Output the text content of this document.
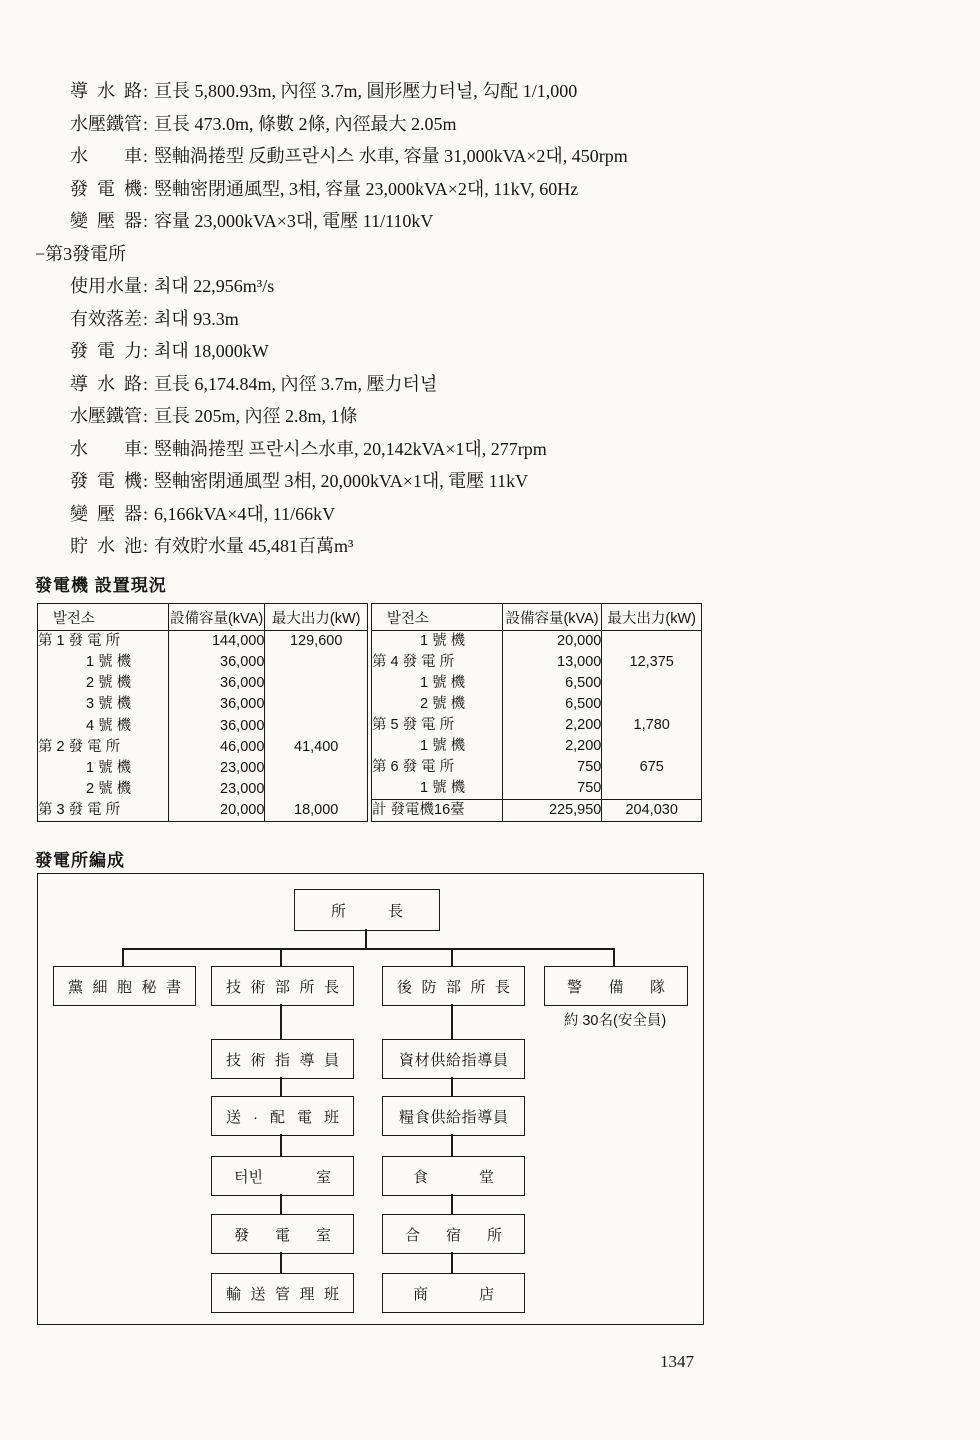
導水路: 亘長 5,800.93m, 內徑 3.7m, 圓形壓力터널, 勾配 1/1,000
水壓鐵管: 亘長 473.0m, 條數 2條, 內徑最大 2.05m
水車: 竪軸渦捲型 反動프란시스 水車, 容量 31,000kVA×2대, 450rpm
發電機: 竪軸密閉通風型, 3相, 容量 23,000kVA×2대, 11kV, 60Hz
變壓器: 容量 23,000kVA×3대, 電壓 11/110kV
−第3發電所
使用水量: 최대 22,956m³/s
有效落差: 최대 93.3m
發電力: 최대 18,000kW
導水路: 亘長 6,174.84m, 內徑 3.7m, 壓力터널
水壓鐵管: 亘長 205m, 內徑 2.8m, 1條
水車: 竪軸渦捲型 프란시스水車, 20,142kVA×1대, 277rpm
發電機: 竪軸密閉通風型 3相, 20,000kVA×1대, 電壓 11kV
變壓器: 6,166kVA×4대, 11/66kV
貯水池: 有效貯水量 45,481百萬m³
發電機 設置現況
발전소	設備容量(kVA)	最大出力(kW)
第 1 發 電 所	144,000	129,600
1 號 機	36,000	
2 號 機	36,000	
3 號 機	36,000	
4 號 機	36,000	
第 2 發 電 所	46,000	41,400
1 號 機	23,000	
2 號 機	23,000	
第 3 發 電 所	20,000	18,000
발전소	設備容量(kVA)	最大出力(kW)
1 號 機	20,000	
第 4 發 電 所	13,000	12,375
1 號 機	6,500	
2 號 機	6,500	
第 5 發 電 所	2,200	1,780
1 號 機	2,200	
第 6 發 電 所	750	675
1 號 機	750	
計 發電機16臺	225,950	204,030
發電所編成
所長
黨細胞秘書	技術部所長	後防部所長	警備隊
約 30名(安全員)
技術指導員
送·配電班
터빈室
發電室
輸送管理班
資材供給指導員
糧食供給指導員
食堂
合宿所
商店
1347
